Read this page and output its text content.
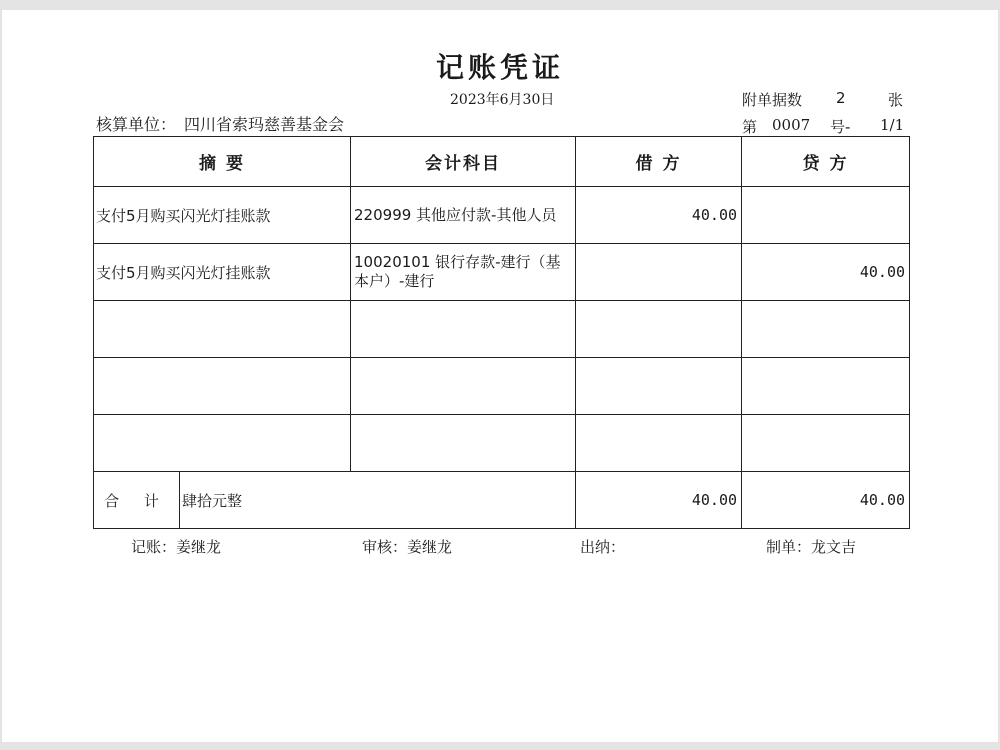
记账凭证
2023年6月30日
核算单位： 四川省索玛慈善基金会
附单据数 2	张
第 0007 号- 1/1
摘 要		会计科目	借 方	贷 方
支付5月购买闪光灯挂账款		220999 其他应付款-其他人员	40.00	
支付5月购买闪光灯挂账款		10020101 银行存款-建行（基本户）-建行		40.00

合 计	肆拾元整		40.00	40.00
记账：姜继龙	审核：姜继龙	出纳：	制单：龙文吉
